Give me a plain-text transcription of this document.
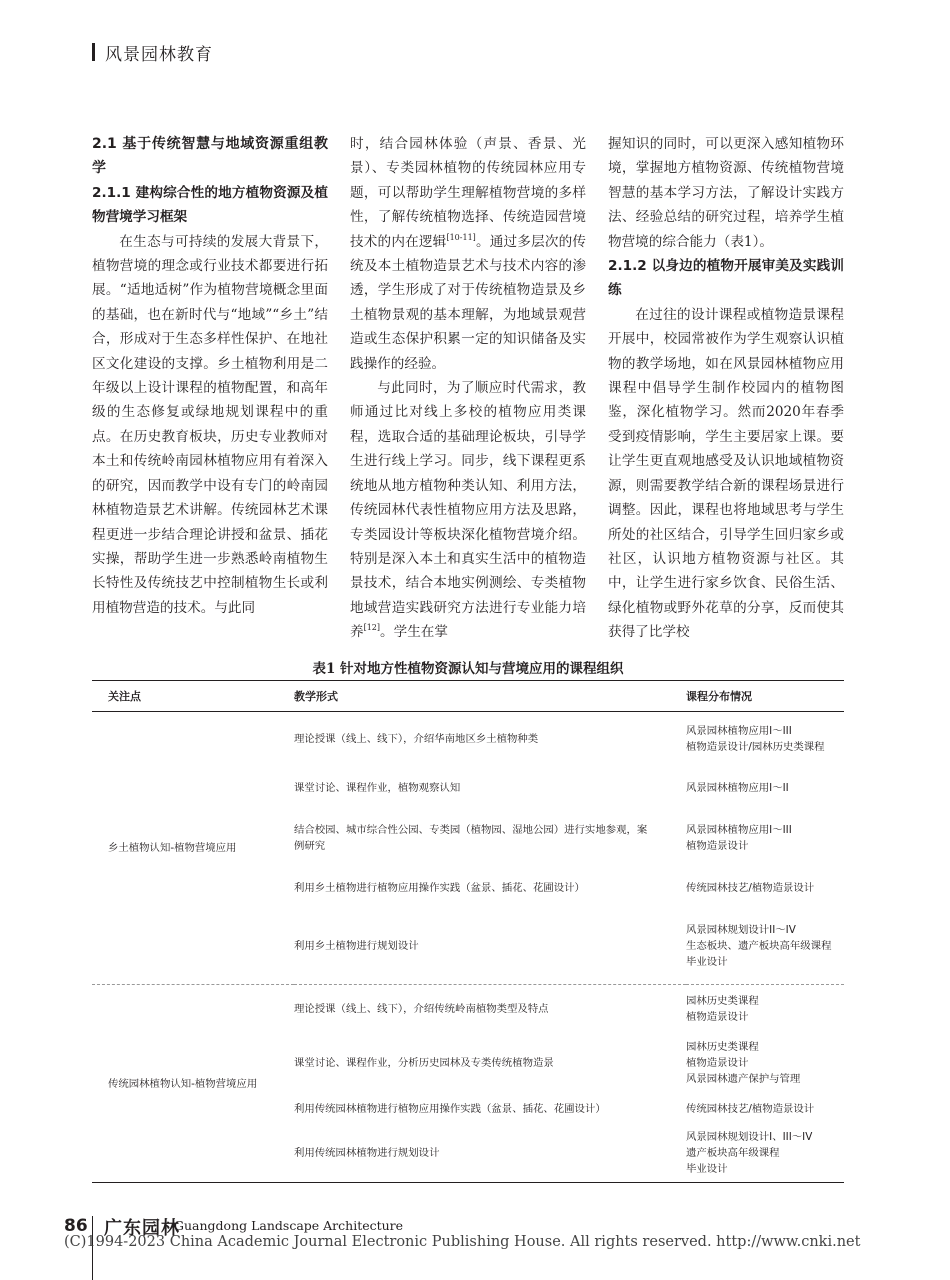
风景园林教育
2.1 基于传统智慧与地域资源重组教学
2.1.1 建构综合性的地方植物资源及植物营境学习框架

在生态与可持续的发展大背景下，植物营境的理念或行业技术都要进行拓展。“适地适树”作为植物营境概念里面的基础，也在新时代与“地域”“乡土”结合，形成对于生态多样性保护、在地社区文化建设的支撑。乡土植物利用是二年级以上设计课程的植物配置，和高年级的生态修复或绿地规划课程中的重点。在历史教育板块，历史专业教师对本土和传统岭南园林植物应用有着深入的研究，因而教学中设有专门的岭南园林植物造景艺术讲解。传统园林艺术课程更进一步结合理论讲授和盆景、插花实操，帮助学生进一步熟悉岭南植物生长特性及传统技艺中控制植物生长或利用植物营造的技术。与此同

时，结合园林体验（声景、香景、光景）、专类园林植物的传统园林应用专题，可以帮助学生理解植物营境的多样性，了解传统植物选择、传统造园营境技术的内在逻辑[10-11]。通过多层次的传统及本土植物造景艺术与技术内容的渗透，学生形成了对于传统植物造景及乡土植物景观的基本理解，为地域景观营造或生态保护积累一定的知识储备及实践操作的经验。

与此同时，为了顺应时代需求，教师通过比对线上多校的植物应用类课程，选取合适的基础理论板块，引导学生进行线上学习。同步，线下课程更系统地从地方植物种类认知、利用方法，传统园林代表性植物应用方法及思路，专类园设计等板块深化植物营境介绍。特别是深入本土和真实生活中的植物造景技术，结合本地实例测绘、专类植物地域营造实践研究方法进行专业能力培养[12]。学生在掌

握知识的同时，可以更深入感知植物环境，掌握地方植物资源、传统植物营境智慧的基本学习方法，了解设计实践方法、经验总结的研究过程，培养学生植物营境的综合能力（表1）。

2.1.2 以身边的植物开展审美及实践训练

在过往的设计课程或植物造景课程开展中，校园常被作为学生观察认识植物的教学场地，如在风景园林植物应用课程中倡导学生制作校园内的植物图鉴，深化植物学习。然而2020年春季受到疫情影响，学生主要居家上课。要让学生更直观地感受及认识地域植物资源，则需要教学结合新的课程场景进行调整。因此，课程也将地域思考与学生所处的社区结合，引导学生回归家乡或社区，认识地方植物资源与社区。其中，让学生进行家乡饮食、民俗生活、绿化植物或野外花草的分享，反而使其获得了比学校

表1 针对地方性植物资源认知与营境应用的课程组织
关注点	教学形式	课程分布情况
乡土植物认知-植物营境应用	理论授课（线上、线下），介绍华南地区乡土植物种类	风景园林植物应用I～III
植物造景设计/园林历史类课程

	课堂讨论、课程作业，植物观察认知	风景园林植物应用I～II

	结合校园、城市综合性公园、专类园（植物园、湿地公园）进行实地参观，案例研究	风景园林植物应用I～III
植物造景设计

	利用乡土植物进行植物应用操作实践（盆景、插花、花圃设计）	传统园林技艺/植物造景设计

	利用乡土植物进行规划设计	风景园林规划设计II～IV
生态板块、遗产板块高年级课程
毕业设计

传统园林植物认知-植物营境应用	理论授课（线上、线下），介绍传统岭南植物类型及特点	园林历史类课程
植物造景设计

	课堂讨论、课程作业，分析历史园林及专类传统植物造景	园林历史类课程
植物造景设计
风景园林遗产保护与管理

	利用传统园林植物进行植物应用操作实践（盆景、插花、花圃设计）	传统园林技艺/植物造景设计

	利用传统园林植物进行规划设计	风景园林规划设计I、III～IV
遗产板块高年级课程
毕业设计
86 广东园林
Guangdong Landscape Architecture
(C)1994-2023 China Academic Journal Electronic Publishing House. All rights reserved. http://www.cnki.net
